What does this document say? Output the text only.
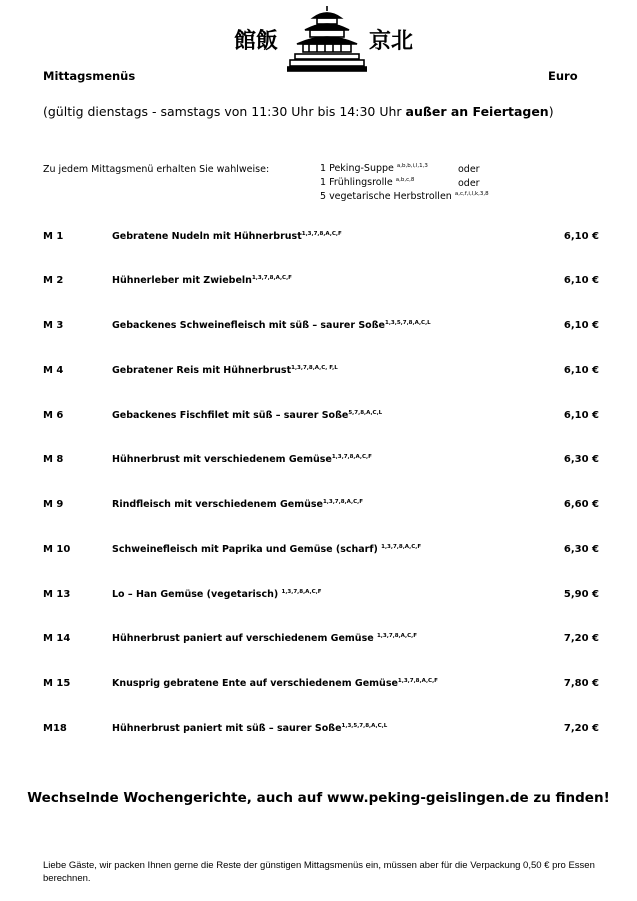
館飯	京北
Mittagsmenüs	Euro
(gültig dienstags - samstags von 11:30 Uhr bis 14:30 Uhr außer an Feiertagen)
Zu jedem Mittagsmenü erhalten Sie wahlweise:	1 Peking-Suppe $^{a,b,b,i,l,1,3}$	oder
1 Frühlingsrolle $^{a,b,c,8}$	oder
5 vegetarische Herbstrollen $^{a,c,f,i,l,k,3,8}$
M 1	Gebratene Nudeln mit Hühnerbrust$^{1,3,7,8,A,C,F}$	6,10 €
M 2	Hühnerleber mit Zwiebeln$^{1,3,7,8,A,C,F}$	6,10 €
M 3	Gebackenes Schweinefleisch mit süß – saurer Soße$^{1,3,5,7,8,A,C,L}$	6,10 €
M 4	Gebratener Reis mit Hühnerbrust$^{1,3,7,8,A,C, F,L}$	6,10 €
M 6	Gebackenes Fischfilet mit süß – saurer Soße$^{5,7,8,A,C,L}$	6,10 €
M 8	Hühnerbrust mit verschiedenem Gemüse$^{1,3,7,8,A,C,F}$	6,30 €
M 9	Rindfleisch mit verschiedenem Gemüse$^{1,3,7,8,A,C,F}$	6,60 €
M 10	Schweinefleisch mit Paprika und Gemüse (scharf) $^{1,3,7,8,A,C,F}$	6,30 €
M 13	Lo – Han Gemüse (vegetarisch) $^{1,3,7,8,A,C,F}$	5,90 €
M 14	Hühnerbrust paniert auf verschiedenem Gemüse $^{1,3,7,8,A,C,F}$	7,20 €
M 15	Knusprig gebratene Ente auf verschiedenem Gemüse$^{1,3,7,8,A,C,F}$	7,80 €
M18	Hühnerbrust paniert mit süß – saurer Soße$^{1,3,5,7,8,A,C,L}$	7,20 €
Wechselnde Wochengerichte, auch auf www.peking-geislingen.de zu finden!
Liebe Gäste, wir packen Ihnen gerne die Reste der günstigen Mittagsmenüs ein, müssen aber für die Verpackung 0,50 € pro Essen berechnen.
